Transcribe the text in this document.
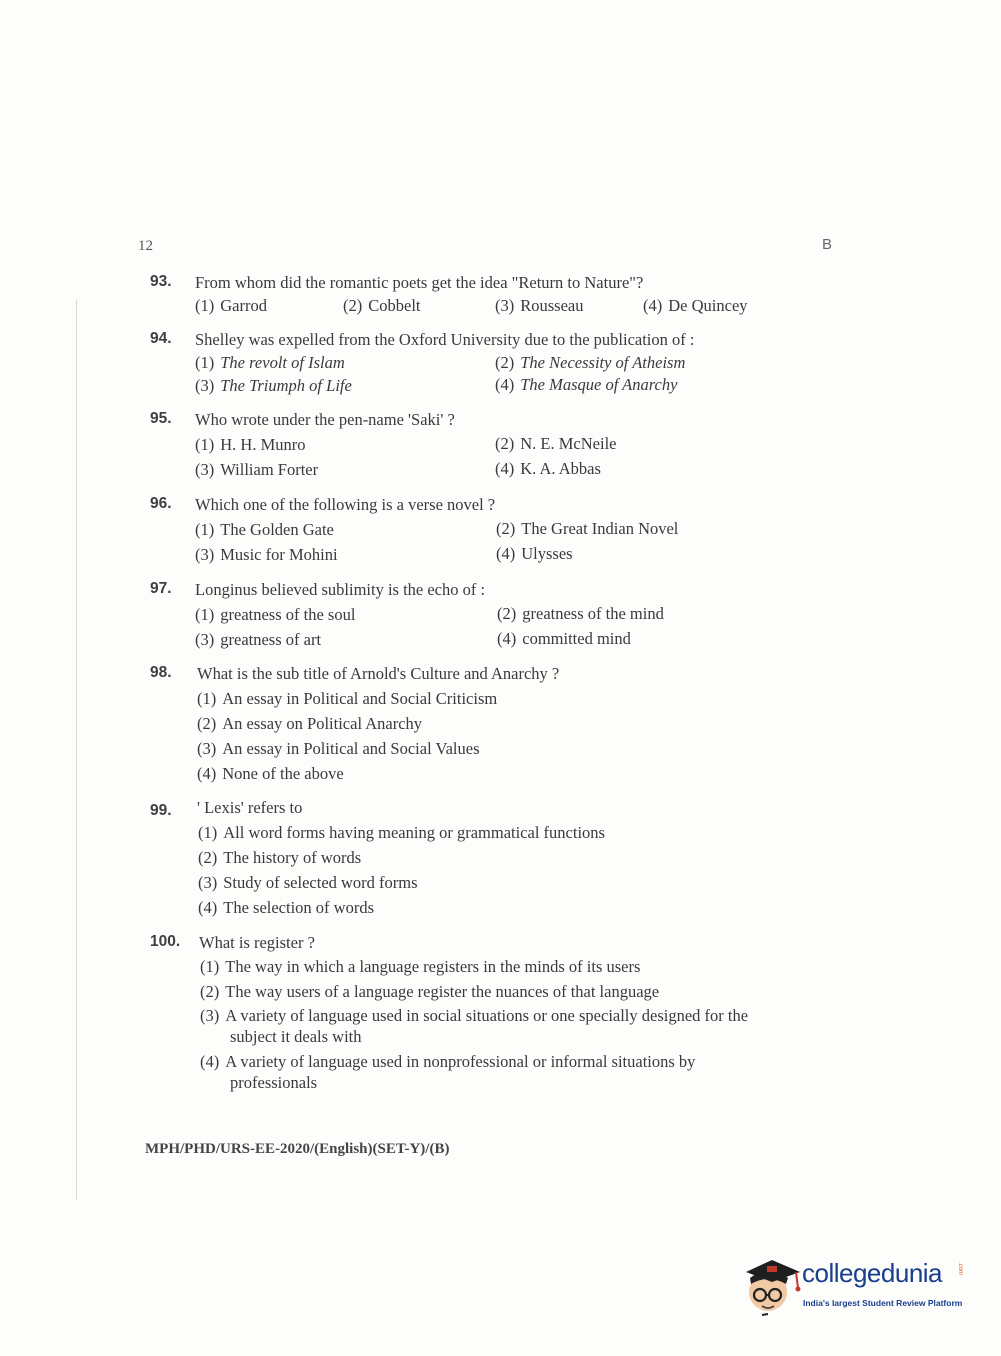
12	B
93. From whom did the romantic poets get the idea "Return to Nature"?
(1) Garrod	(2) Cobbelt	(3) Rousseau	(4) De Quincey
94. Shelley was expelled from the Oxford University due to the publication of :
(1) The revolt of Islam	(2) The Necessity of Atheism
(3) The Triumph of Life	(4) The Masque of Anarchy
95. Who wrote under the pen-name 'Saki' ?
(1) H. H. Munro	(2) N. E. McNeile
(3) William Forter	(4) K. A. Abbas
96. Which one of the following is a verse novel ?
(1) The Golden Gate	(2) The Great Indian Novel
(3) Music for Mohini	(4) Ulysses
97. Longinus believed sublimity is the echo of :
(1) greatness of the soul	(2) greatness of the mind
(3) greatness of art	(4) committed mind
98. What is the sub title of Arnold's Culture and Anarchy ?
(1) An essay in Political and Social Criticism
(2) An essay on Political Anarchy
(3) An essay in Political and Social Values
(4) None of the above
99. ' Lexis' refers to
(1) All word forms having meaning or grammatical functions
(2) The history of words
(3) Study of selected word forms
(4) The selection of words
100. What is register ?
(1) The way in which a language registers in the minds of its users
(2) The way users of a language register the nuances of that language
(3) A variety of language used in social situations or one specially designed for the
subject it deals with
(4) A variety of language used in nonprofessional or informal situations by
professionals
MPH/PHD/URS-EE-2020/(English)(SET-Y)/(B)
collegedunia .com
India's largest Student Review Platform
